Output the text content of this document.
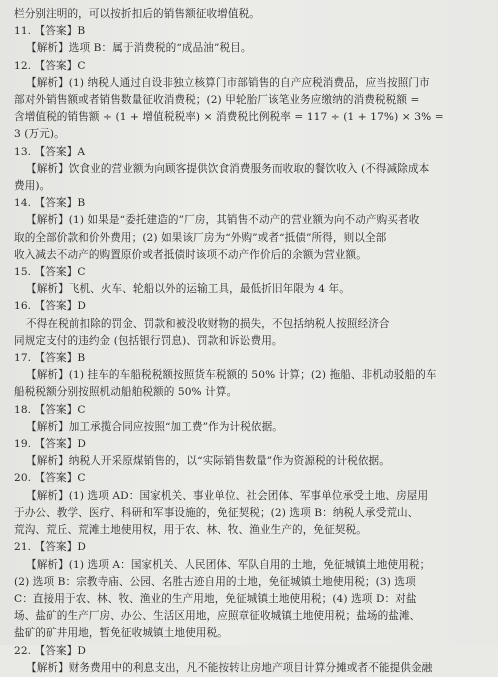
栏分别注明的，可以按折扣后的销售额征收增值税。
11. 【答案】B
【解析】选项 B：属于消费税的“成品油”税目。
12. 【答案】C
【解析】(1) 纳税人通过自设非独立核算门市部销售的自产应税消费品，应当按照门市
部对外销售额或者销售数量征收消费税；(2) 甲轮胎厂该笔业务应缴纳的消费税税额 =
含增值税的销售额 ÷ (1 + 增值税税率) × 消费税比例税率 = 117 ÷ (1 + 17%) × 3% =
3 (万元)。
13. 【答案】A
【解析】饮食业的营业额为向顾客提供饮食消费服务而收取的餐饮收入 (不得减除成本
费用)。
14. 【答案】B
【解析】(1) 如果是“委托建造的”厂房，其销售不动产的营业额为向不动产购买者收
取的全部价款和价外费用；(2) 如果该厂房为“外购”或者“抵债”所得，则以全部
收入减去不动产的购置原价或者抵债时该项不动产作价后的余额为营业额。
15. 【答案】C
【解析】飞机、火车、轮船以外的运输工具，最低折旧年限为 4 年。
16. 【答案】D
不得在税前扣除的罚金、罚款和被没收财物的损失，不包括纳税人按照经济合
同规定支付的违约金 (包括银行罚息)、罚款和诉讼费用。
17. 【答案】B
【解析】(1) 挂车的车船税税额按照货车税额的 50% 计算；(2) 拖船、非机动驳船的车
船税税额分别按照机动船舶税额的 50% 计算。
18. 【答案】C
【解析】加工承揽合同应按照“加工费”作为计税依据。
19. 【答案】D
【解析】纳税人开采原煤销售的，以“实际销售数量”作为资源税的计税依据。
20. 【答案】C
【解析】(1) 选项 AD：国家机关、事业单位、社会团体、军事单位承受土地、房屋用
于办公、教学、医疗、科研和军事设施的，免征契税；(2) 选项 B：纳税人承受荒山、
荒沟、荒丘、荒滩土地使用权，用于农、林、牧、渔业生产的，免征契税。
21. 【答案】D
【解析】(1) 选项 A：国家机关、人民团体、军队自用的土地，免征城镇土地使用税；
(2) 选项 B：宗教寺庙、公园、名胜古迹自用的土地，免征城镇土地使用税；(3) 选项
C：直接用于农、林、牧、渔业的生产用地，免征城镇土地使用税；(4) 选项 D：对盐
场、盐矿的生产厂房、办公、生活区用地，应照章征收城镇土地使用税；盐场的盐滩、
盐矿的矿井用地，暂免征收城镇土地使用税。
22. 【答案】D
【解析】财务费用中的利息支出，凡不能按转让房地产项目计算分摊或者不能提供金融
